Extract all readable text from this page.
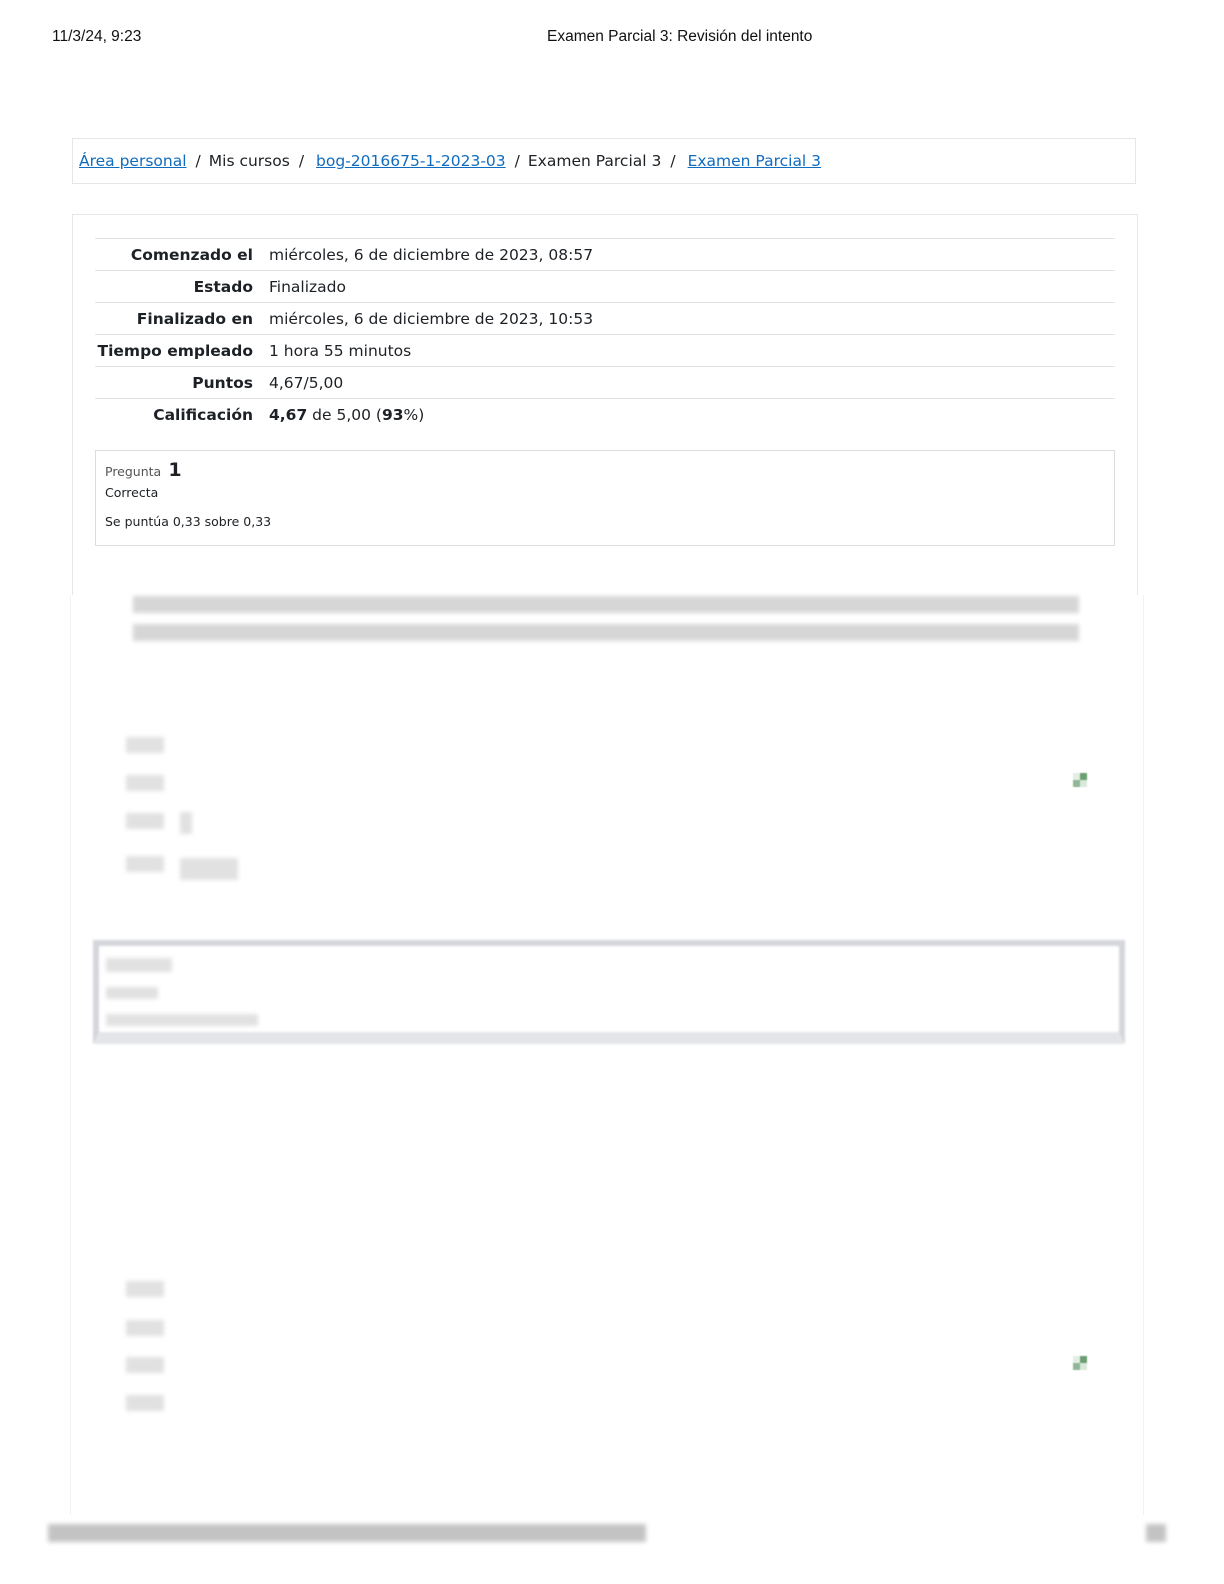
11/3/24, 9:23	Examen Parcial 3: Revisión del intento
Área personal / Mis cursos / bog-2016675-1-2023-03 / Examen Parcial 3 / Examen Parcial 3
Comenzado el	miércoles, 6 de diciembre de 2023, 08:57
Estado	Finalizado
Finalizado en	miércoles, 6 de diciembre de 2023, 10:53
Tiempo empleado	1 hora 55 minutos
Puntos	4,67/5,00
Calificación	4,67 de 5,00 (93%)
Pregunta 1
Correcta
Se puntúa 0,33 sobre 0,33
